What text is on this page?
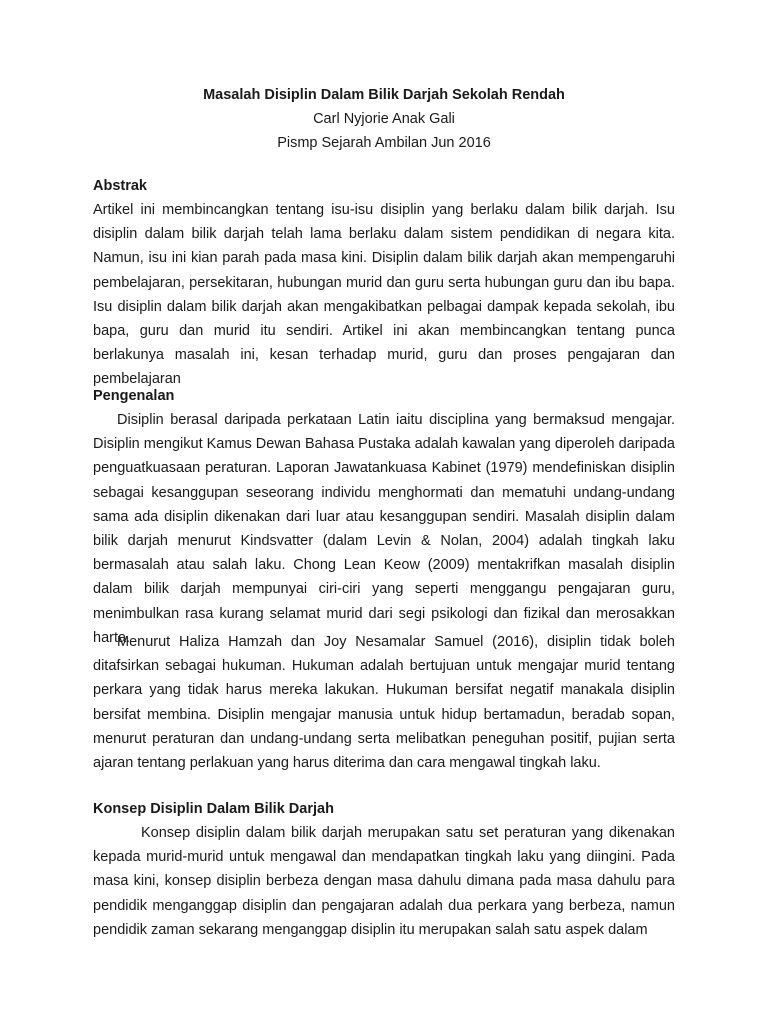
Masalah Disiplin Dalam Bilik Darjah Sekolah Rendah
Carl Nyjorie Anak Gali
Pismp Sejarah Ambilan Jun 2016
Abstrak

Artikel ini membincangkan tentang isu-isu disiplin yang berlaku dalam bilik darjah. Isu disiplin dalam bilik darjah telah lama berlaku dalam sistem pendidikan di negara kita. Namun, isu ini kian parah pada masa kini. Disiplin dalam bilik darjah akan mempengaruhi pembelajaran, persekitaran, hubungan murid dan guru serta hubungan guru dan ibu bapa. Isu disiplin dalam bilik darjah akan mengakibatkan pelbagai dampak kepada sekolah, ibu bapa, guru dan murid itu sendiri. Artikel ini akan membincangkan tentang punca berlakunya masalah ini, kesan terhadap murid, guru dan proses pengajaran dan pembelajaran

Pengenalan

Disiplin berasal daripada perkataan Latin iaitu disciplina yang bermaksud mengajar. Disiplin mengikut Kamus Dewan Bahasa Pustaka adalah kawalan yang diperoleh daripada penguatkuasaan peraturan. Laporan Jawatankuasa Kabinet (1979) mendefiniskan disiplin sebagai kesanggupan seseorang individu menghormati dan mematuhi undang-undang sama ada disiplin dikenakan dari luar atau kesanggupan sendiri. Masalah disiplin dalam bilik darjah menurut Kindsvatter (dalam Levin & Nolan, 2004) adalah tingkah laku bermasalah atau salah laku. Chong Lean Keow (2009) mentakrifkan masalah disiplin dalam bilik darjah mempunyai ciri-ciri yang seperti menggangu pengajaran guru, menimbulkan rasa kurang selamat murid dari segi psikologi dan fizikal dan merosakkan harta.

Menurut Haliza Hamzah dan Joy Nesamalar Samuel (2016), disiplin tidak boleh ditafsirkan sebagai hukuman. Hukuman adalah bertujuan untuk mengajar murid tentang perkara yang tidak harus mereka lakukan. Hukuman bersifat negatif manakala disiplin bersifat membina. Disiplin mengajar manusia untuk hidup bertamadun, beradab sopan, menurut peraturan dan undang-undang serta melibatkan peneguhan positif, pujian serta ajaran tentang perlakuan yang harus diterima dan cara mengawal tingkah laku.

Konsep Disiplin Dalam Bilik Darjah

Konsep disiplin dalam bilik darjah merupakan satu set peraturan yang dikenakan kepada murid-murid untuk mengawal dan mendapatkan tingkah laku yang diingini. Pada masa kini, konsep disiplin berbeza dengan masa dahulu dimana pada masa dahulu para pendidik menganggap disiplin dan pengajaran adalah dua perkara yang berbeza, namun pendidik zaman sekarang menganggap disiplin itu merupakan salah satu aspek dalam
